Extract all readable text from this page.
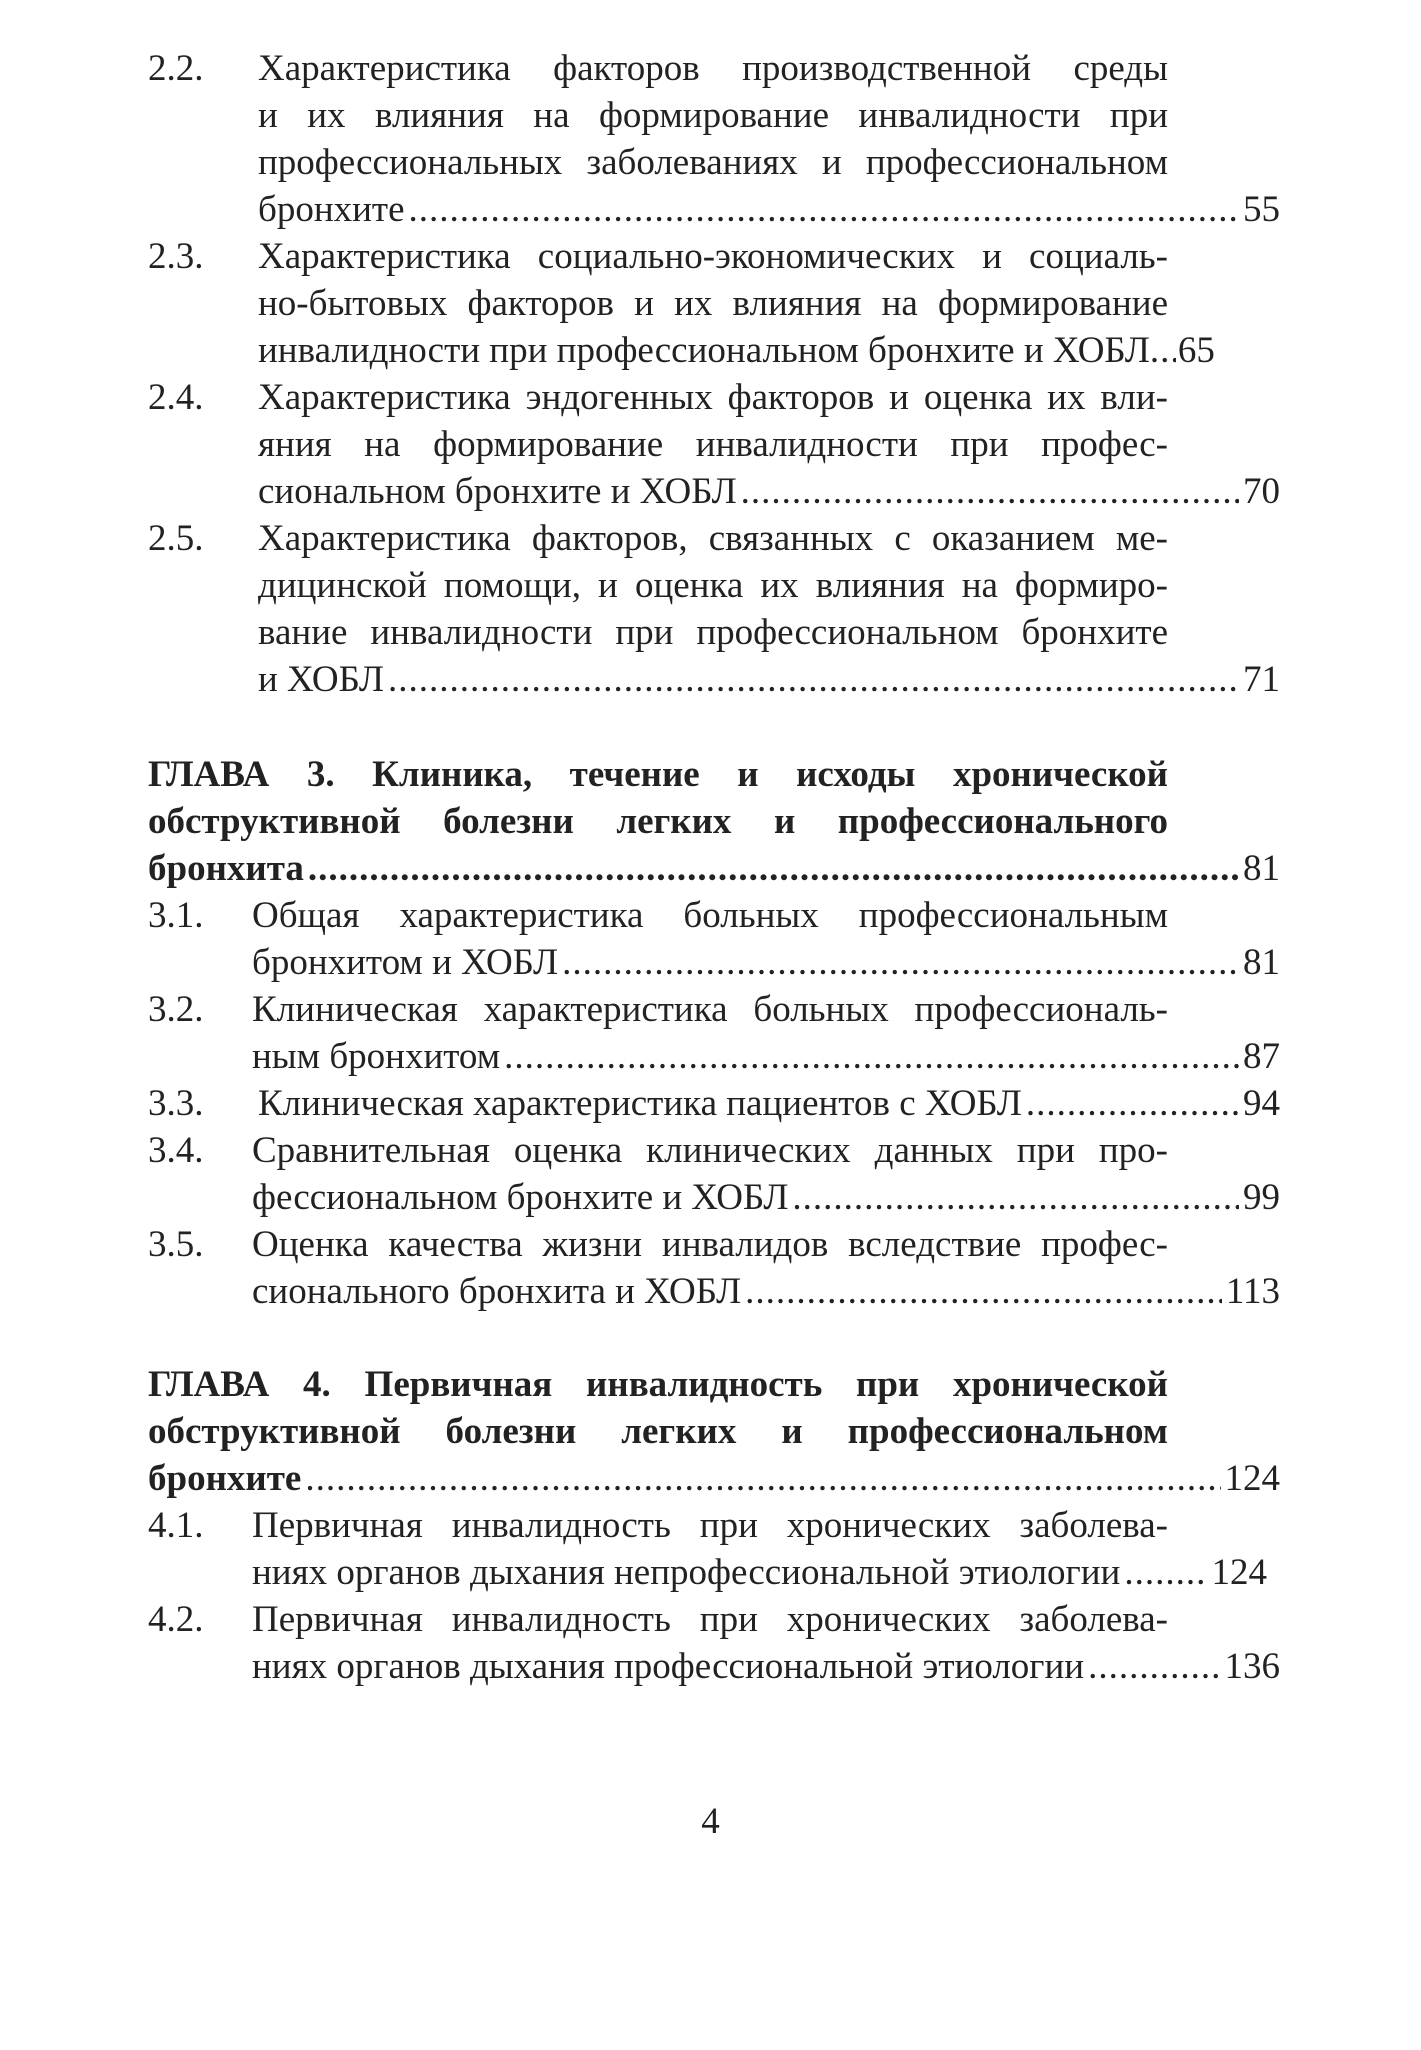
2.2.	Характеристика факторов производственной среды
и их влияния на формирование инвалидности при
профессиональных заболеваниях и профессиональном
бронхите .....	55
2.3.	Характеристика социально-экономических и социаль-
но-бытовых факторов и их влияния на формирование
инвалидности при профессиональном бронхите и ХОБЛ ..... 65
2.4.	Характеристика эндогенных факторов и оценка их вли-
яния на формирование инвалидности при профес-
сиональном бронхите и ХОБЛ .....	70
2.5.	Характеристика факторов, связанных с оказанием ме-
дицинской помощи, и оценка их влияния на формиро-
вание инвалидности при профессиональном бронхите
и ХОБЛ .....	71
ГЛАВА 3. Клиника, течение и исходы хронической
обструктивной болезни легких и профессионального
бронхита .....	81
3.1.	Общая характеристика больных профессиональным
бронхитом и ХОБЛ .....	81
3.2.	Клиническая характеристика больных профессиональ-
ным бронхитом .....	87
3.3.	Клиническая характеристика пациентов с ХОБЛ .....	94
3.4.	Сравнительная оценка клинических данных при про-
фессиональном бронхите и ХОБЛ .....	99
3.5.	Оценка качества жизни инвалидов вследствие профес-
сионального бронхита и ХОБЛ .....	113
ГЛАВА 4. Первичная инвалидность при хронической
обструктивной болезни легких и профессиональном
бронхите .....	124
4.1.	Первичная инвалидность при хронических заболева-
ниях органов дыхания непрофессиональной этиологии ..... 124
4.2.	Первичная инвалидность при хронических заболева-
ниях органов дыхания профессиональной этиологии .....	136
4
